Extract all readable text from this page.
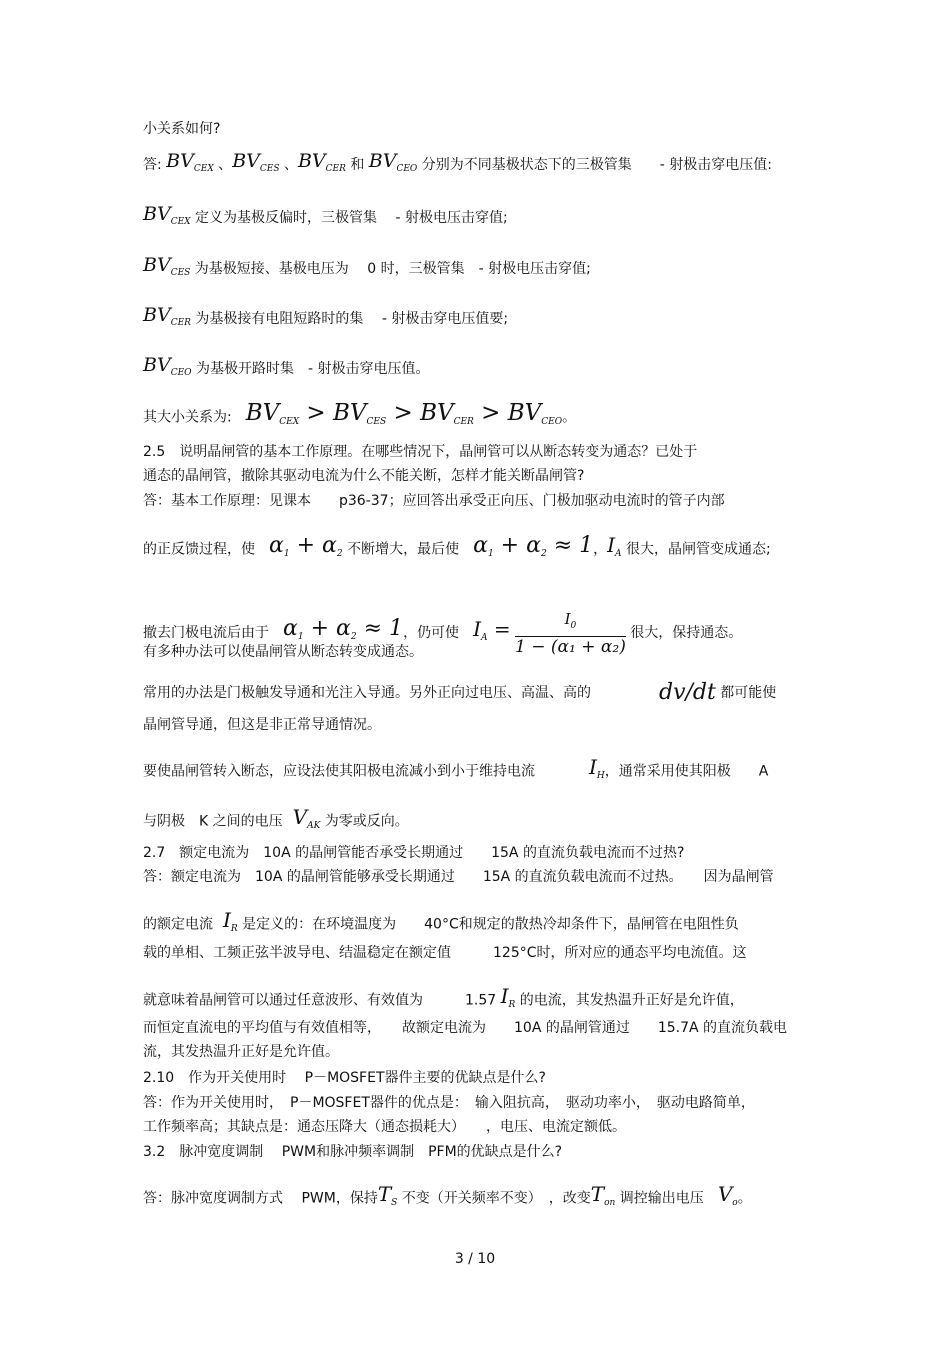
小关系如何?
答: $BV_{CEX}$ 、$BV_{CES}$ 、$BV_{CER}$ 和 $BV_{CEO}$ 分别为不同基极状态下的三极管集　　- 射极击穿电压值:
$BV_{CEX}$ 定义为基极反偏时，三极管集　 - 射极电压击穿值;
$BV_{CES}$ 为基极短接、基极电压为　 0 时，三极管集　- 射极电压击穿值;
$BV_{CER}$ 为基极接有电阻短路时的集　 - 射极击穿电压值要;
$BV_{CEO}$ 为基极开路时集　- 射极击穿电压值。
其大小关系为:　$BV_{CEX} > BV_{CES} > BV_{CER} > BV_{CEO}$。
2.5　说明晶闸管的基本工作原理。在哪些情况下，晶闸管可以从断态转变为通态？已处于
通态的晶闸管，撤除其驱动电流为什么不能关断，怎样才能关断晶闸管?
答：基本工作原理：见课本　　p36-37；应回答出承受正向压、门极加驱动电流时的管子内部
的正反馈过程，使　$\alpha_1 + \alpha_2$ 不断增大，最后使　$\alpha_1 + \alpha_2 \approx 1$，$I_A$ 很大，晶闸管变成通态;
撤去门极电流后由于　$\alpha_1 + \alpha_2 \approx 1$，仍可使　$I_A = \frac{I_0}{\text{1 − (α₁ + α₂)}}$ 很大，保持通态。
有多种办法可以使晶闸管从断态转变成通态。
常用的办法是门极触发导通和光注入导通。另外正向过电压、高温、高的	dv/dt 都可能使
晶闸管导通，但这是非正常导通情况。
要使晶闸管转入断态，应设法使其阳极电流减小到小于维持电流	$I_H$，通常采用使其阳极　　A
与阴极　K 之间的电压 $V_{AK}$ 为零或反向。
2.7　额定电流为　10A 的晶闸管能否承受长期通过　　15A 的直流负载电流而不过热?
答：额定电流为　10A 的晶闸管能够承受长期通过　　15A 的直流负载电流而不过热。　　因为晶闸管
的额定电流 $I_R$ 是定义的：在环境温度为　　40°C和规定的散热冷却条件下，晶闸管在电阻性负
载的单相、工频正弦半波导电、结温稳定在额定值　　　125°C时，所对应的通态平均电流值。这
就意味着晶闸管可以通过任意波形、有效值为　　　1.57 $I_R$ 的电流，其发热温升正好是允许值，
而恒定直流电的平均值与有效值相等，　　故额定电流为　　10A 的晶闸管通过　　15.7A 的直流负载电
流，其发热温升正好是允许值。
2.10　作为开关使用时　 P－MOSFET器件主要的优缺点是什么?
答：作为开关使用时，　P－MOSFET器件的优点是：　输入阻抗高，　驱动功率小，　驱动电路简单，
工作频率高；其缺点是：通态压降大（通态损耗大）　　，电压、电流定额低。
3.2　脉冲宽度调制　 PWM和脉冲频率调制　PFM的优缺点是什么?
答：脉冲宽度调制方式　 PWM，保持$T_S$ 不变（开关频率不变）　，改变$T_{on}$ 调控输出电压　$V_o$。
3 / 10
